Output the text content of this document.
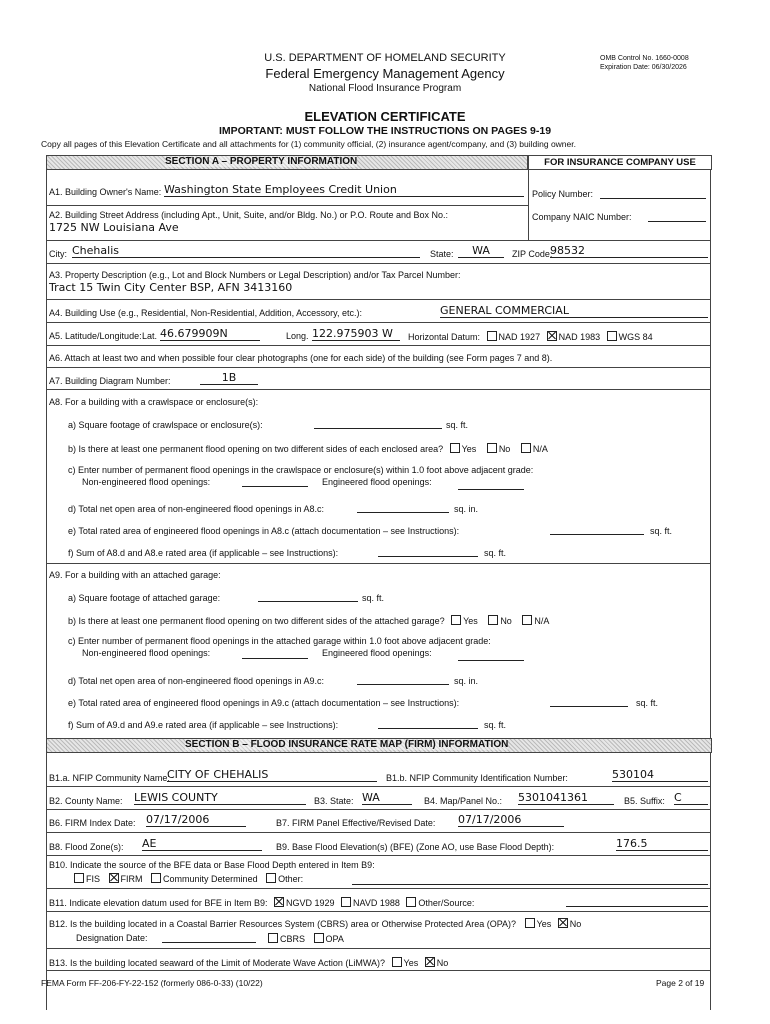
U.S. DEPARTMENT OF HOMELAND SECURITY
Federal Emergency Management Agency
National Flood Insurance Program
OMB Control No. 1660-0008
Expiration Date: 06/30/2026
ELEVATION CERTIFICATE
IMPORTANT: MUST FOLLOW THE INSTRUCTIONS ON PAGES 9-19
Copy all pages of this Elevation Certificate and all attachments for (1) community official, (2) insurance agent/company, and (3) building owner.
SECTION A – PROPERTY INFORMATION	FOR INSURANCE COMPANY USE
A1. Building Owner's Name: Washington State Employees Credit Union	Policy Number:
A2. Building Street Address (including Apt., Unit, Suite, and/or Bldg. No.) or P.O. Route and Box No.:
1725 NW Louisiana Ave
Company NAIC Number:
City: Chehalis	State:	WA	ZIP Code:
98532
A3. Property Description (e.g., Lot and Block Numbers or Legal Description) and/or Tax Parcel Number:
Tract 15 Twin City Center BSP, AFN 3413160
A4. Building Use (e.g., Residential, Non-Residential, Addition, Accessory, etc.):	GENERAL COMMERCIAL
A5. Latitude/Longitude: Lat. 46.679909N	Long. 122.975903 W	Horizontal Datum: NAD 1927 NAD 1983 WGS 84
A6. Attach at least two and when possible four clear photographs (one for each side) of the building (see Form pages 7 and 8).
A7. Building Diagram Number:	1B
A8. For a building with a crawlspace or enclosure(s):
a) Square footage of crawlspace or enclosure(s):	sq. ft.
b) Is there at least one permanent flood opening on two different sides of each enclosed area? Yes	No	N/A
c) Enter number of permanent flood openings in the crawlspace or enclosure(s) within 1.0 foot above adjacent grade:
Non-engineered flood openings:	Engineered flood openings:
d) Total net open area of non-engineered flood openings in A8.c:	sq. in.
e) Total rated area of engineered flood openings in A8.c (attach documentation – see Instructions):	sq. ft.
f) Sum of A8.d and A8.e rated area (if applicable – see Instructions):	sq. ft.
A9. For a building with an attached garage:
a) Square footage of attached garage:	sq. ft.
b) Is there at least one permanent flood opening on two different sides of the attached garage? Yes	No	N/A
c) Enter number of permanent flood openings in the attached garage within 1.0 foot above adjacent grade:
Non-engineered flood openings:	Engineered flood openings:
d) Total net open area of non-engineered flood openings in A9.c:	sq. in.
e) Total rated area of engineered flood openings in A9.c (attach documentation – see Instructions):	sq. ft.
f) Sum of A9.d and A9.e rated area (if applicable – see Instructions):	sq. ft.
SECTION B – FLOOD INSURANCE RATE MAP (FIRM) INFORMATION
B1.a. NFIP Community Name:
CITY OF CHEHALIS	B1.b. NFIP Community Identification Number:	530104
B2. County Name: LEWIS COUNTY	B3. State: WA	B4. Map/Panel No.: 5301041361	B5. Suffix: C
B6. FIRM Index Date: 07/17/2006	B7. FIRM Panel Effective/Revised Date: 07/17/2006
B8. Flood Zone(s): AE	B9. Base Flood Elevation(s) (BFE) (Zone AO, use Base Flood Depth):	176.5
B10. Indicate the source of the BFE data or Base Flood Depth entered in Item B9:
FIS FIRM Community Determined Other:
B11. Indicate elevation datum used for BFE in Item B9: NGVD 1929 NAVD 1988 Other/Source:
B12. Is the building located in a Coastal Barrier Resources System (CBRS) area or Otherwise Protected Area (OPA)? Yes No
Designation Date:	CBRS OPA
B13. Is the building located seaward of the Limit of Moderate Wave Action (LiMWA)? Yes No
FEMA Form FF-206-FY-22-152 (formerly 086-0-33) (10/22)	Page 2 of 19
